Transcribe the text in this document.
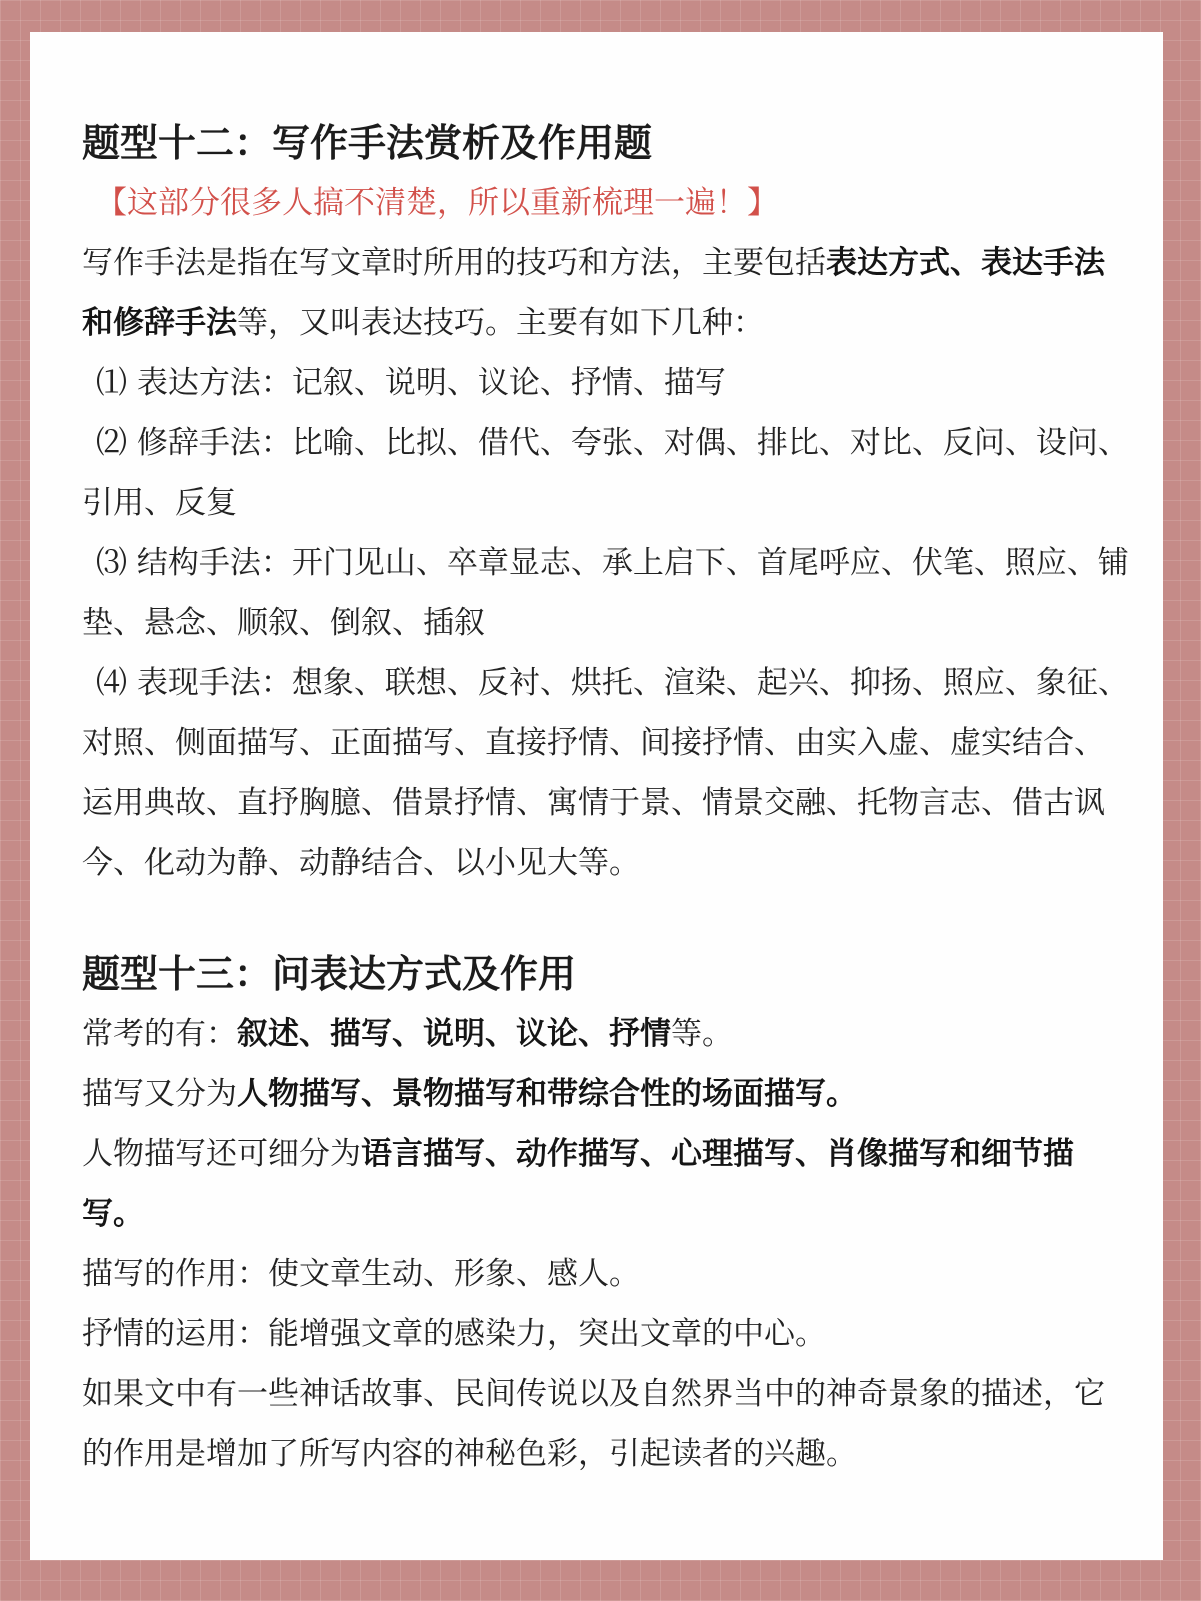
题型十二：写作手法赏析及作用题

【这部分很多人搞不清楚，所以重新梳理一遍！】

写作手法是指在写文章时所用的技巧和方法，主要包括表达方式、表达手法和修辞手法等，又叫表达技巧。主要有如下几种：

⑴ 表达方法：记叙、说明、议论、抒情、描写

⑵ 修辞手法：比喻、比拟、借代、夸张、对偶、排比、对比、反问、设问、引用、反复

⑶ 结构手法：开门见山、卒章显志、承上启下、首尾呼应、伏笔、照应、铺垫、悬念、顺叙、倒叙、插叙

⑷ 表现手法：想象、联想、反衬、烘托、渲染、起兴、抑扬、照应、象征、对照、侧面描写、正面描写、直接抒情、间接抒情、由实入虚、虚实结合、运用典故、直抒胸臆、借景抒情、寓情于景、情景交融、托物言志、借古讽今、化动为静、动静结合、以小见大等。

题型十三：问表达方式及作用

常考的有：叙述、描写、说明、议论、抒情等。

描写又分为人物描写、景物描写和带综合性的场面描写。

人物描写还可细分为语言描写、动作描写、心理描写、肖像描写和细节描写。

描写的作用：使文章生动、形象、感人。

抒情的运用：能增强文章的感染力，突出文章的中心。

如果文中有一些神话故事、民间传说以及自然界当中的神奇景象的描述，它的作用是增加了所写内容的神秘色彩，引起读者的兴趣。
